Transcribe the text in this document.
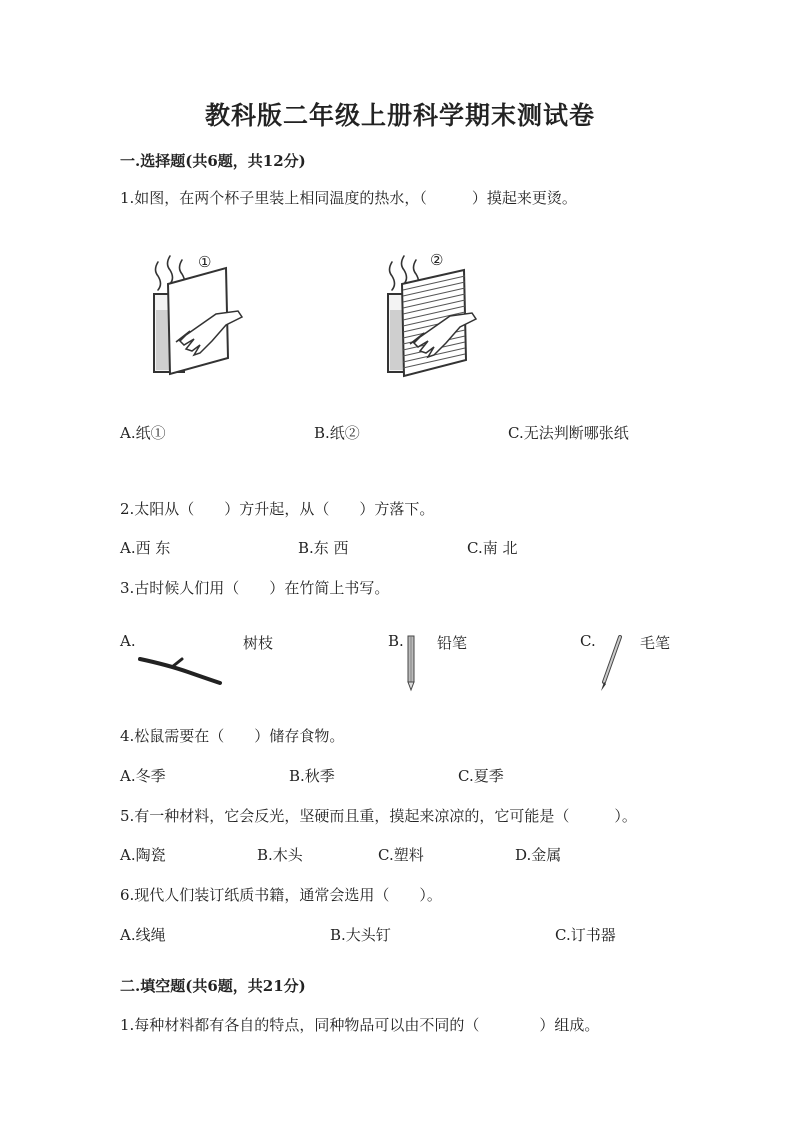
教科版二年级上册科学期末测试卷
一.选择题(共6题，共12分)
1.如图，在两个杯子里装上相同温度的热水，（　　　）摸起来更烫。
①	②
A.纸①	B.纸②	C.无法判断哪张纸
2.太阳从（　　）方升起，从（　　）方落下。
A.西 东	B.东 西	C.南 北
3.古时候人们用（　　）在竹简上书写。
A.	树枝	B. 铅笔	C.	毛笔
4.松鼠需要在（　　）储存食物。
A.冬季	B.秋季	C.夏季
5.有一种材料，它会反光，坚硬而且重，摸起来凉凉的，它可能是（　　　）。
A.陶瓷	B.木头	C.塑料	D.金属
6.现代人们装订纸质书籍，通常会选用（　　）。
A.线绳	B.大头钉	C.订书器
二.填空题(共6题，共21分)
1.每种材料都有各自的特点，同种物品可以由不同的（　　　　）组成。
